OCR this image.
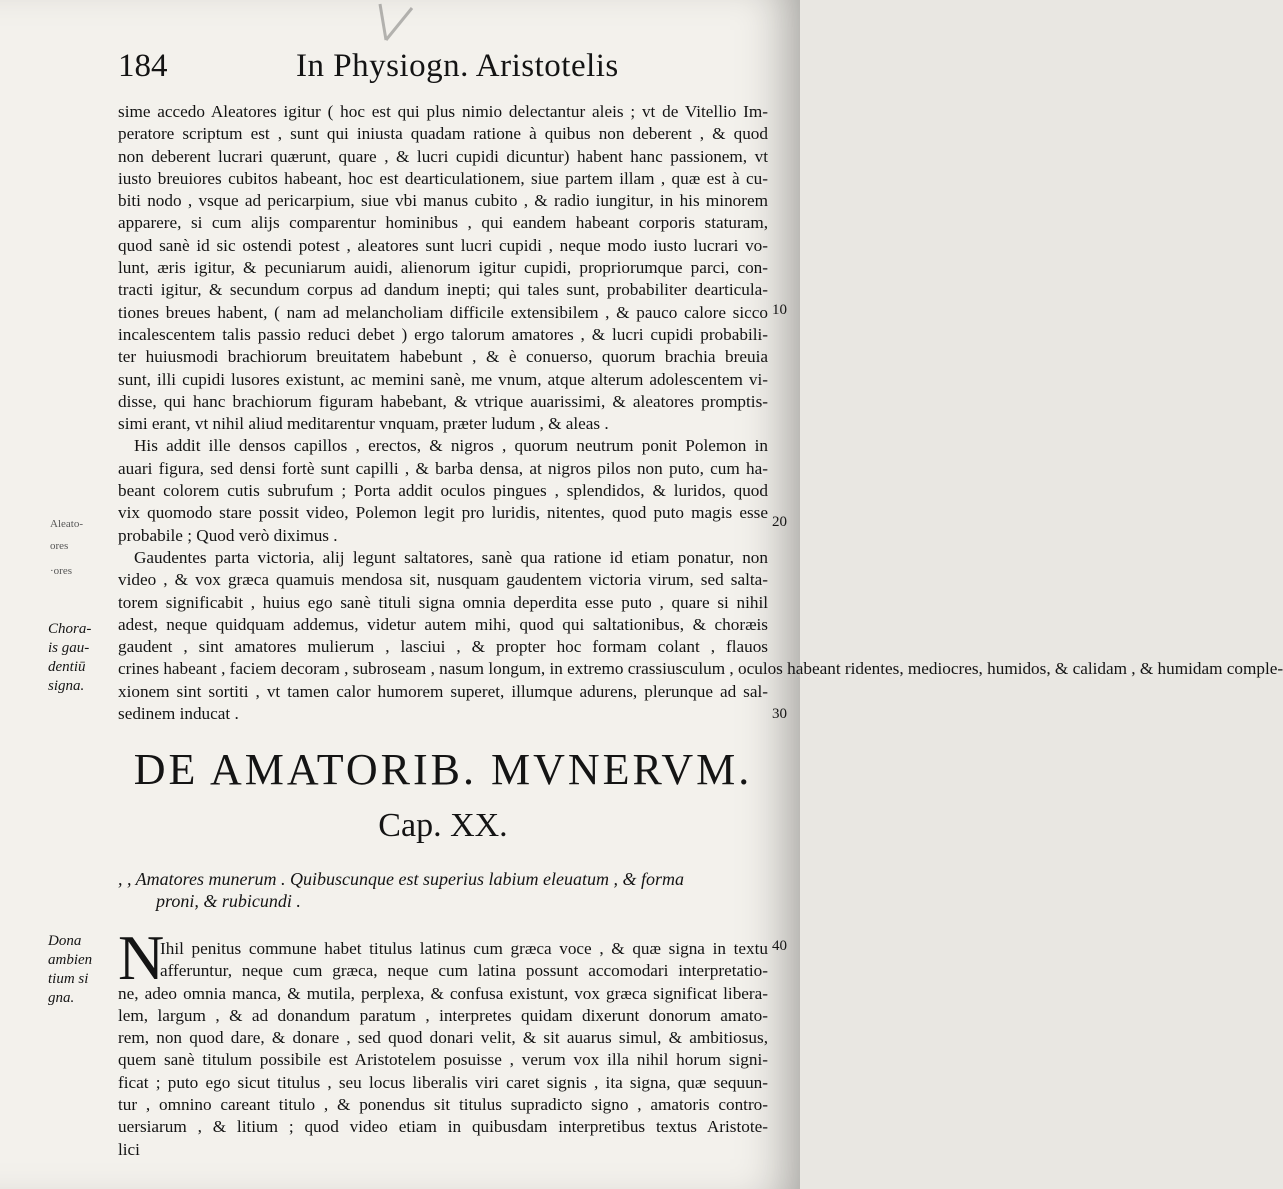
184	In Physiogn. Aristotelis
sime accedo Aleatores igitur ( hoc est qui plus nimio delectantur aleis ; vt de Vitellio Im-
peratore scriptum est , sunt qui iniusta quadam ratione à quibus non deberent , & quod
non deberent lucrari quærunt, quare , & lucri cupidi dicuntur) habent hanc passionem, vt
iusto breuiores cubitos habeant, hoc est dearticulationem, siue partem illam , quæ est à cu-
biti nodo , vsque ad pericarpium, siue vbi manus cubito , & radio iungitur, in his minorem
apparere, si cum alijs comparentur hominibus , qui eandem habeant corporis staturam,
quod sanè id sic ostendi potest , aleatores sunt lucri cupidi , neque modo iusto lucrari vo-
lunt, æris igitur, & pecuniarum auidi, alienorum igitur cupidi, propriorumque parci, con-
tracti igitur, & secundum corpus ad dandum inepti; qui tales sunt, probabiliter dearticula-
tiones breues habent, ( nam ad melancholiam difficile extensibilem , & pauco calore sicco
incalescentem talis passio reduci debet ) ergo talorum amatores , & lucri cupidi probabili-
ter huiusmodi brachiorum breuitatem habebunt , & è conuerso, quorum brachia breuia
sunt, illi cupidi lusores existunt, ac memini sanè, me vnum, atque alterum adolescentem vi-
disse, qui hanc brachiorum figuram habebant, & vtrique auarissimi, & aleatores promptis-
simi erant, vt nihil aliud meditarentur vnquam, præter ludum , & aleas .
His addit ille densos capillos , erectos, & nigros , quorum neutrum ponit Polemon in
auari figura, sed densi fortè sunt capilli , & barba densa, at nigros pilos non puto, cum ha-
beant colorem cutis subrufum ; Porta addit oculos pingues , splendidos, & luridos, quod
vix quomodo stare possit video, Polemon legit pro luridis, nitentes, quod puto magis esse
probabile ; Quod verò diximus .
Gaudentes parta victoria, alij legunt saltatores, sanè qua ratione id etiam ponatur, non
video , & vox græca quamuis mendosa sit, nusquam gaudentem victoria virum, sed salta-
torem significabit , huius ego sanè tituli signa omnia deperdita esse puto , quare si nihil
adest, neque quidquam addemus, videtur autem mihi, quod qui saltationibus, & choræis
gaudent , sint amatores mulierum , lasciui , & propter hoc formam colant , flauos
crines habeant , faciem decoram , subroseam , nasum longum, in extremo crassiusculum , oculos habeant ridentes, mediocres, humidos, & calidam , & humidam comple-
xionem sint sortiti , vt tamen calor humorem superet, illumque adurens, plerunque ad sal-
sedinem inducat .
10
20
30
40
Aleato-
ores
·ores
Chora-
is gau-
dentiū
signa.
Dona
ambien
tium si
gna.
DE AMATORIB. MVNERVM.
Cap. XX.
, , Amatores munerum . Quibuscunque est superius labium eleuatum , & forma
proni, & rubicundi .
N
Ihil penitus commune habet titulus latinus cum græca voce , & quæ signa in textu
afferuntur, neque cum græca, neque cum latina possunt accomodari interpretatio-
ne, adeo omnia manca, & mutila, perplexa, & confusa existunt, vox græca significat libera-
lem, largum , & ad donandum paratum , interpretes quidam dixerunt donorum amato-
rem, non quod dare, & donare , sed quod donari velit, & sit auarus simul, & ambitiosus,
quem sanè titulum possibile est Aristotelem posuisse , verum vox illa nihil horum signi-
ficat ; puto ego sicut titulus , seu locus liberalis viri caret signis , ita signa, quæ sequun-
tur , omnino careant titulo , & ponendus sit titulus supradicto signo , amatoris contro-
uersiarum , & litium ; quod video etiam in quibusdam interpretibus textus Aristote-
lici
